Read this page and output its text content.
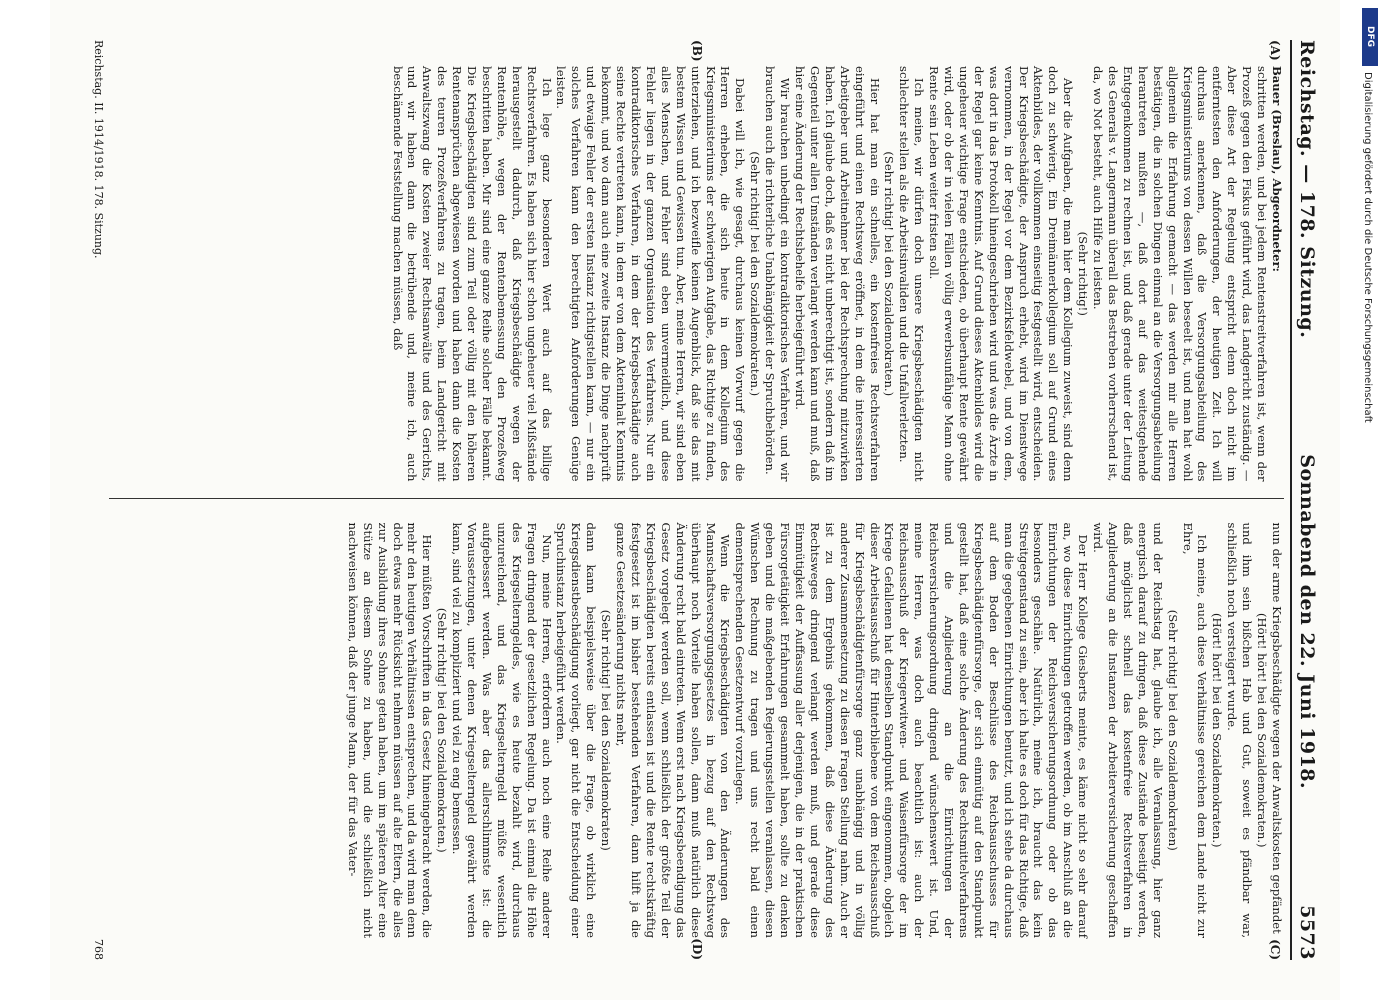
DFG
Digitalisierung gefördert durch die Deutsche Forschungsgemeinschaft
Reichstag. — 178. Sitzung.
Sonnabend den 22. Juni 1918.
5573
(A)
(B)

Bauer (Breslau), Abgeordneter:

schritten werden, und bei jedem Rentenstreitverfahren ist, wenn der Prozeß gegen den Fiskus geführt wird, das Landgericht zuständig. — Aber diese Art der Regelung entspricht denn doch nicht im entferntesten den Anforderungen, der heutigen Zeit. Ich will durchaus anerkennen, daß die Versorgungsabteilung des Kriegsministeriums von dessen Willen beseelt ist, und man hat wohl allgemein die Erfahrung gemacht — das werden mir alle Herren bestätigen, die in solchen Dingen einmal an die Versorgungsabteilung herantreten mußten —, daß dort auf das weitestgehende Entgegenkommen zu rechnen ist, und daß gerade unter der Leitung des Generals v. Langermann überall das Bestreben vorherrschend ist, da, wo Not besteht, auch Hilfe zu leisten.

(Sehr richtig!)

Aber die Aufgaben, die man hier dem Kollegium zuweist, sind denn doch zu schwierig. Ein Dreimännerkollegium soll auf Grund eines Aktenbildes, der vollkommen einseitig festgestellt wird, entscheiden. Der Kriegsbeschädigte, der Anspruch erhebt, wird im Dienstwege vernommen, in der Regel vor dem Bezirksfeldwebel, und von dem, was dort in das Protokoll hineingeschrieben wird und was die Ärzte in der Regel gar keine Kenntnis. Auf Grund dieses Aktenbildes wird die ungeheuer wichtige Frage entschieden, ob überhaupt Rente gewährt wird, oder ob der in vielen Fällen völlig erwerbsunfähige Mann ohne Rente sein Leben weiter fristen soll.

Ich meine, wir dürfen doch unsere Kriegsbeschädigten nicht schlechter stellen als die Arbeitsinvaliden und die Unfallverletzten.

(Sehr richtig! bei den Sozialdemokraten.)

Hier hat man ein schnelles, ein kostenfreies Rechtsverfahren eingeführt und einen Rechtsweg eröffnet, in dem die interessierten Arbeitgeber und Arbeitnehmer bei der Rechtsprechung mitzuwirken haben. Ich glaube doch, daß es nicht unberechtigt ist, sondern daß im Gegenteil unter allen Umständen verlangt werden kann und muß, daß hier eine Änderung der Rechtsbehelfe herbeigeführt wird.

Wir brauchen unbedingt ein kontradiktorisches Verfahren, und wir brauchen auch die richterliche Unabhängigkeit der Spruchbehörden.

(Sehr richtig! bei den Sozialdemokraten.)

Dabei will ich, wie gesagt, durchaus keinen Vorwurf gegen die Herren erheben, die sich heute in dem Kollegium des Kriegsministeriums der schwierigen Aufgabe, das Richtige zu finden, unterziehen, und ich bezweifle keinen Augenblick, daß sie das mit bestem Wissen und Gewissen tun. Aber, meine Herren, wir sind eben alles Menschen, und Fehler sind eben unvermeidlich, und diese Fehler liegen in der ganzen Organisation des Verfahrens. Nur ein kontradiktorisches Verfahren, in dem der Kriegsbeschädigte auch seine Rechte vertreten kann, in dem er von dem Akteninhalt Kenntnis bekommt, und wo dann auch eine zweite Instanz die Dinge nachprüft und etwaige Fehler der ersten Instanz richtigstellen kann, — nur ein solches Verfahren kann den berechtigten Anforderungen Genüge leisten.

Ich lege ganz besonderen Wert auch auf das billige Rechtsverfahren. Es haben sich hier schon ungeheuer viel Mißstände herausgestellt dadurch, daß Kriegsbeschädigte wegen der Rentenhöhe, wegen der Rentenbemessung den Prozeßweg beschritten haben. Mir sind eine ganze Reihe solcher Fälle bekannt. Die Kriegsbeschädigten sind zum Teil oder völlig mit den höheren Rentenansprüchen abgewiesen worden und haben dann die Kosten des teuren Prozeßverfahrens zu tragen, beim Landgericht mit Anwaltszwang die Kosten zweier Rechtsanwälte und des Gerichts, und wir haben dann die betrübende und, meine ich, auch beschämende Feststellung machen müssen, daß

(C)
(D)

nun der arme Kriegsbeschädigte wegen der Anwaltskosten gepfändet

(Hört! hört! bei den Sozialdemokraten.)

und ihm sein bißchen Hab und Gut, soweit es pfändbar war, schließlich noch versteigert wurde.

(Hört! hört! bei den Sozialdemokraten.)

Ich meine, auch diese Verhältnisse gereichen dem Lande nicht zur Ehre,

(Sehr richtig! bei den Sozialdemokraten)

und der Reichstag hat, glaube ich, alle Veranlassung, hier ganz energisch darauf zu dringen, daß diese Zustände beseitigt werden, daß möglichst schnell das kostenfreie Rechtsverfahren in Angliederung an die Instanzen der Arbeiterversicherung geschaffen wird.

Der Herr Kollege Giesberts meinte, es käme nicht so sehr darauf an, wo diese Einrichtungen getroffen werden, ob im Anschluß an die Einrichtungen der Reichsversicherungsordnung oder ob das besonders geschähe. Natürlich, meine ich, braucht das kein Streitgegenstand zu sein, aber ich halte es doch für das Richtige, daß man die gegebenen Einrichtungen benutzt, und ich stehe da durchaus auf dem Boden der Beschlüsse des Reichsausschusses für Kriegsbeschädigtenfürsorge, der sich einmütig auf den Standpunkt gestellt hat, daß eine solche Änderung des Rechtsmittelverfahrens und die Angliederung an die Einrichtungen der Reichsversicherungsordnung dringend wünschenswert ist. Und, meine Herren, was doch auch beachtlich ist: auch der Reichsausschuß der Kriegerwitwen- und Waisenfürsorge der im Kriege Gefallenen hat denselben Standpunkt eingenommen, obgleich dieser Arbeitsausschuß für Hinterbliebene von dem Reichsausschuß für Kriegsbeschädigtenfürsorge ganz unabhängig und in völlig anderer Zusammensetzung zu diesen Fragen Stellung nahm. Auch er ist zu dem Ergebnis gekommen, daß diese Änderung des Rechtsweges dringend verlangt werden muß, und gerade diese Einmütigkeit der Auffassung aller derjenigen, die in der praktischen Fürsorgetätigkeit Erfahrungen gesammelt haben, sollte zu denken geben und die maßgebenden Regierungsstellen veranlassen, diesen Wünschen Rechnung zu tragen und uns recht bald einen dementsprechenden Gesetzentwurf vorzulegen.

Wenn die Kriegsbeschädigten von den Änderungen des Mannschaftsversorgungsgesetzes in bezug auf den Rechtsweg überhaupt noch Vorteile haben sollen, dann muß natürlich diese Änderung recht bald eintreten. Wenn erst nach Kriegsbeendigung das Gesetz vorgelegt werden soll, wenn schließlich der größte Teil der Kriegsbeschädigten bereits entlassen ist und die Rente rechtskräftig festgesetzt ist im bisher bestehenden Verfahren, dann hilft ja die ganze Gesetzesänderung nichts mehr,

(Sehr richtig! bei den Sozialdemokraten)

dann kann beispielsweise über die Frage, ob wirklich eine Kriegsdienstbeschädigung vorliegt, gar nicht die Entscheidung einer Spruchinstanz herbeigeführt werden.

Nun, meine Herren, erfordern auch noch eine Reihe anderer Fragen dringend der gesetzlichen Regelung. Da ist einmal die Höhe des Kriegselterngeldes, wie es heute bezahlt wird, durchaus unzureichend, und das Kriegselterngeld müßte wesentlich aufgebessert werden. Was aber das allerschlimmste ist: die Voraussetzungen, unter denen Kriegselterngeld gewährt werden kann, sind viel zu kompliziert und viel zu eng bemessen.

(Sehr richtig! bei den Sozialdemokraten.)

Hier müßten Vorschriften in das Gesetz hineingebracht werden, die mehr den heutigen Verhältnissen entsprechen, und da wird man denn doch etwas mehr Rücksicht nehmen müssen auf alte Eltern, die alles zur Ausbildung ihres Sohnes getan haben, um im späteren Alter eine Stütze an diesem Sohne zu haben, und die schließlich nicht nachweisen können, daß der junge Mann, der für das Vater-

Reichstag. II. 1914/1918. 178. Sitzung.
768
